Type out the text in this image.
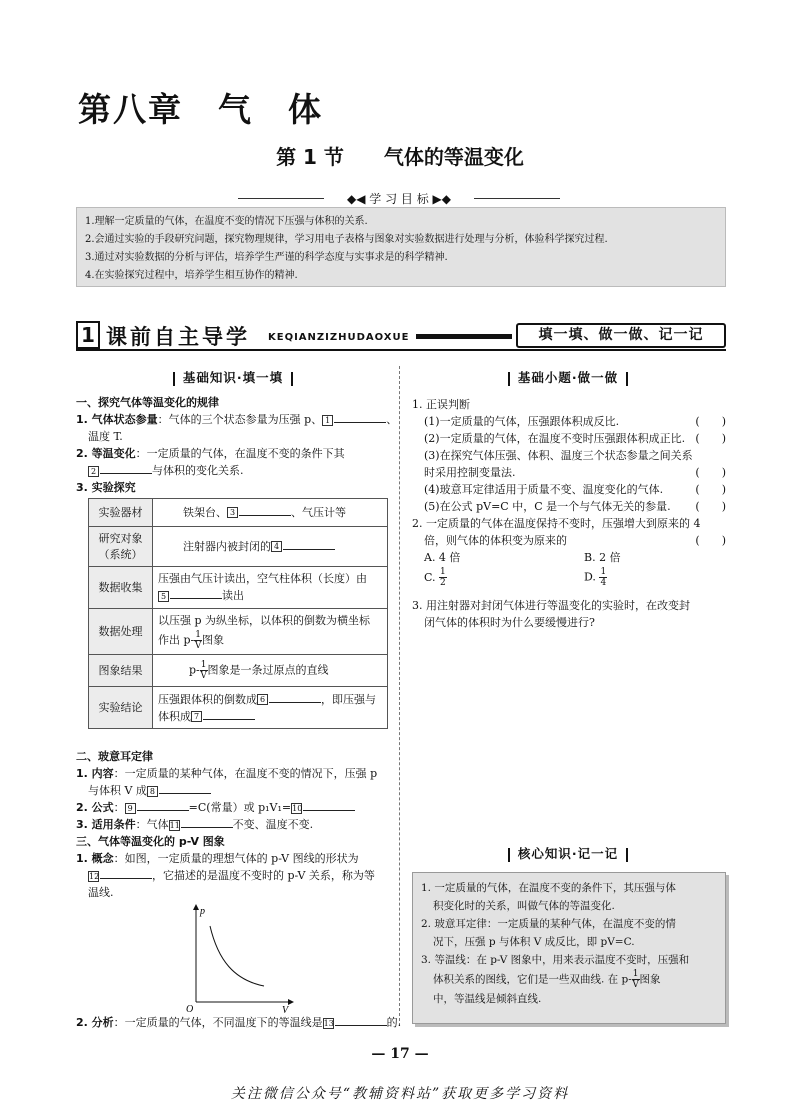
第八章　气　体
第 1 节　　气体的等温变化
◆◀ 学 习 目 标 ▶◆
1.理解一定质量的气体，在温度不变的情况下压强与体积的关系.
2.会通过实验的手段研究问题，探究物理规律，学习用电子表格与图象对实验数据进行处理与分析，体验科学探究过程.
3.通过对实验数据的分析与评估，培养学生严谨的科学态度与实事求是的科学精神.
4.在实验探究过程中，培养学生相互协作的精神.
1 课前自主导学 KEQIANZIZHUDAOXUE	填一填、做一做、记一记
基础知识·填一填
一、探究气体等温变化的规律
1. 气体状态参量：气体的三个状态参量为压强 p、 1	、
温度 T.
2. 等温变化：一定质量的气体，在温度不变的条件下其
2	与体积的变化关系.
3. 实验探究
实验器材	铁架台、 3 、气压计等
研究对象（系统）	注射器内被封闭的 4
数据收集	压强由气压计读出，空气柱体积（长度）由
5 读出

数据处理	以压强 p 为纵坐标，以体积的倒数为横坐标
作出 $p- \frac{1}{V}$ 图象

图象结果	$p- \frac{1}{V}$ 图象是一条过原点的直线
实验结论	压强跟体积的倒数成 6 ，即压强与
体积成 7
二、玻意耳定律
1. 内容：一定质量的某种气体，在温度不变的情况下，压强 p
与体积 V 成 8
2. 公式： 9	=C(常量）或 p₁V₁=10
3. 适用条件：气体11	不变、温度不变.
三、气体等温变化的 p-V 图象
1. 概念：如图，一定质量的理想气体的 p-V 图线的形状为
12	，它描述的是温度不变时的 p-V 关系，称为等
温线.
p
V
O
2. 分析：一定质量的气体，不同温度下的等温线是13	的.
基础小题·做一做
1. 正误判断
(1)一定质量的气体，压强跟体积成反比.	(　　)
(2)一定质量的气体，在温度不变时压强跟体积成正比. (　　)
(3)在探究气体压强、体积、温度三个状态参量之间关系
时采用控制变量法.	(　　)
(4)玻意耳定律适用于质量不变、温度变化的气体.	(　　)
(5)在公式 pV=C 中，C 是一个与气体无关的参量. (　　)
2. 一定质量的气体在温度保持不变时，压强增大到原来的 4
倍，则气体的体积变为原来的	(　　)
A. 4 倍	B. 2 倍
C. $\frac{1}{2}$	D. $\frac{1}{4}$
3. 用注射器对封闭气体进行等温变化的实验时，在改变封
闭气体的体积时为什么要缓慢进行?
核心知识·记一记
1. 一定质量的气体，在温度不变的条件下，其压强与体
积变化时的关系，叫做气体的等温变化.
2. 玻意耳定律：一定质量的某种气体，在温度不变的情
况下，压强 p 与体积 V 成反比，即 pV=C.
3. 等温线：在 p-V 图象中，用来表示温度不变时，压强和
体积关系的图线，它们是一些双曲线. 在 $p- \frac{1}{V}$ 图象
中，等温线是倾斜直线.
— 17 —
关注微信公众号“教辅资料站”获取更多学习资料
